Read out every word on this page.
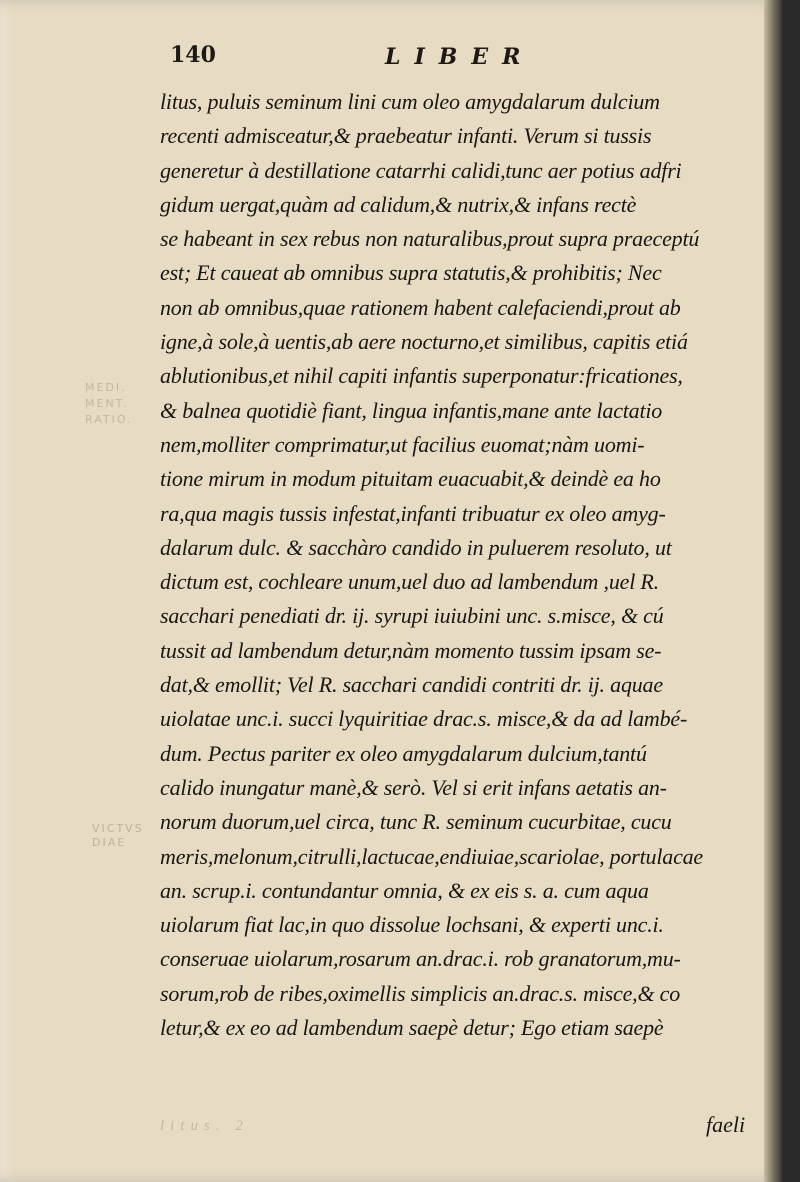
140	LIBER
MEDI. MENT. RATIO.
VICTVS DIAE
litus, puluis seminum lini cum oleo amygdalarum dulcium
recenti admisceatur,& praebeatur infanti. Verum si tussis
generetur à destillatione catarrhi calidi,tunc aer potius adfri
gidum uergat,quàm ad calidum,& nutrix,& infans rectè
se habeant in sex rebus non naturalibus,prout supra praeceptú
est; Et caueat ab omnibus supra statutis,& prohibitis; Nec
non ab omnibus,quae rationem habent calefaciendi,prout ab
igne,à sole,à uentis,ab aere nocturno,et similibus, capitis etiá
ablutionibus,et nihil capiti infantis superponatur:fricationes,
& balnea quotidiè fiant, lingua infantis,mane ante lactatio
nem,molliter comprimatur,ut facilius euomat;nàm uomi-
tione mirum in modum pituitam euacuabit,& deindè ea ho
ra,qua magis tussis infestat,infanti tribuatur ex oleo amyg-
dalarum dulc. & sacchàro candido in puluerem resoluto, ut
dictum est, cochleare unum,uel duo ad lambendum ,uel R.
sacchari penediati dr. ij. syrupi iuiubini unc. s.misce, & cú
tussit ad lambendum detur,nàm momento tussim ipsam se-
dat,& emollit; Vel R. sacchari candidi contriti dr. ij. aquae
uiolatae unc.i. succi lyquiritiae drac.s. misce,& da ad lambé-
dum. Pectus pariter ex oleo amygdalarum dulcium,tantú
calido inungatur manè,& serò. Vel si erit infans aetatis an-
norum duorum,uel circa, tunc R. seminum cucurbitae, cucu
meris,melonum,citrulli,lactucae,endiuiae,scariolae, portulacae
an. scrup.i. contundantur omnia, & ex eis s. a. cum aqua
uiolarum fiat lac,in quo dissolue lochsani, & experti unc.i.
conseruae uiolarum,rosarum an.drac.i. rob granatorum,mu-
sorum,rob de ribes,oximellis simplicis an.drac.s. misce,& co
letur,& ex eo ad lambendum saepè detur; Ego etiam saepè
faeli
litus. 2
